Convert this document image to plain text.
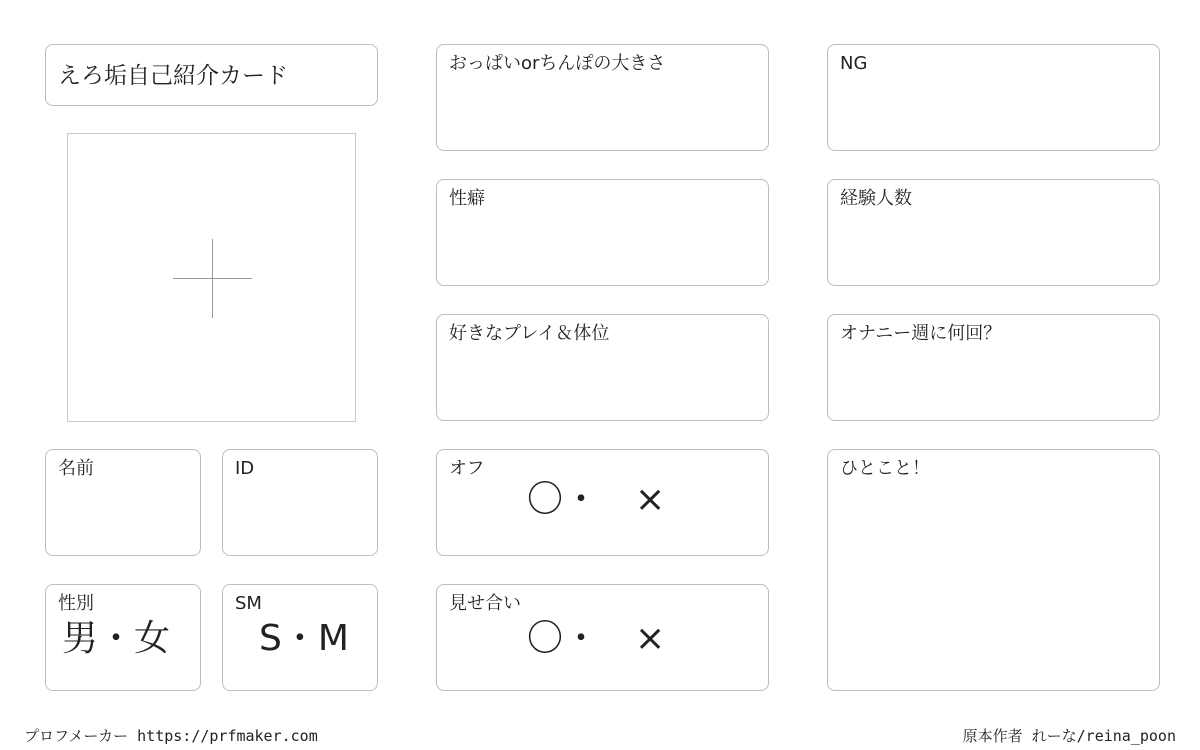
えろ垢自己紹介カード
名前	ID
性別
男・女
SM
S・M
おっぱいorちんぽの大きさ
性癖
好きなプレイ＆体位
オフ
〇・　×
見せ合い
〇・　×
NG
経験人数
オナニー週に何回？
ひとこと！
プロフメーカー https://prfmaker.com	原本作者 れーな/reina_poon
